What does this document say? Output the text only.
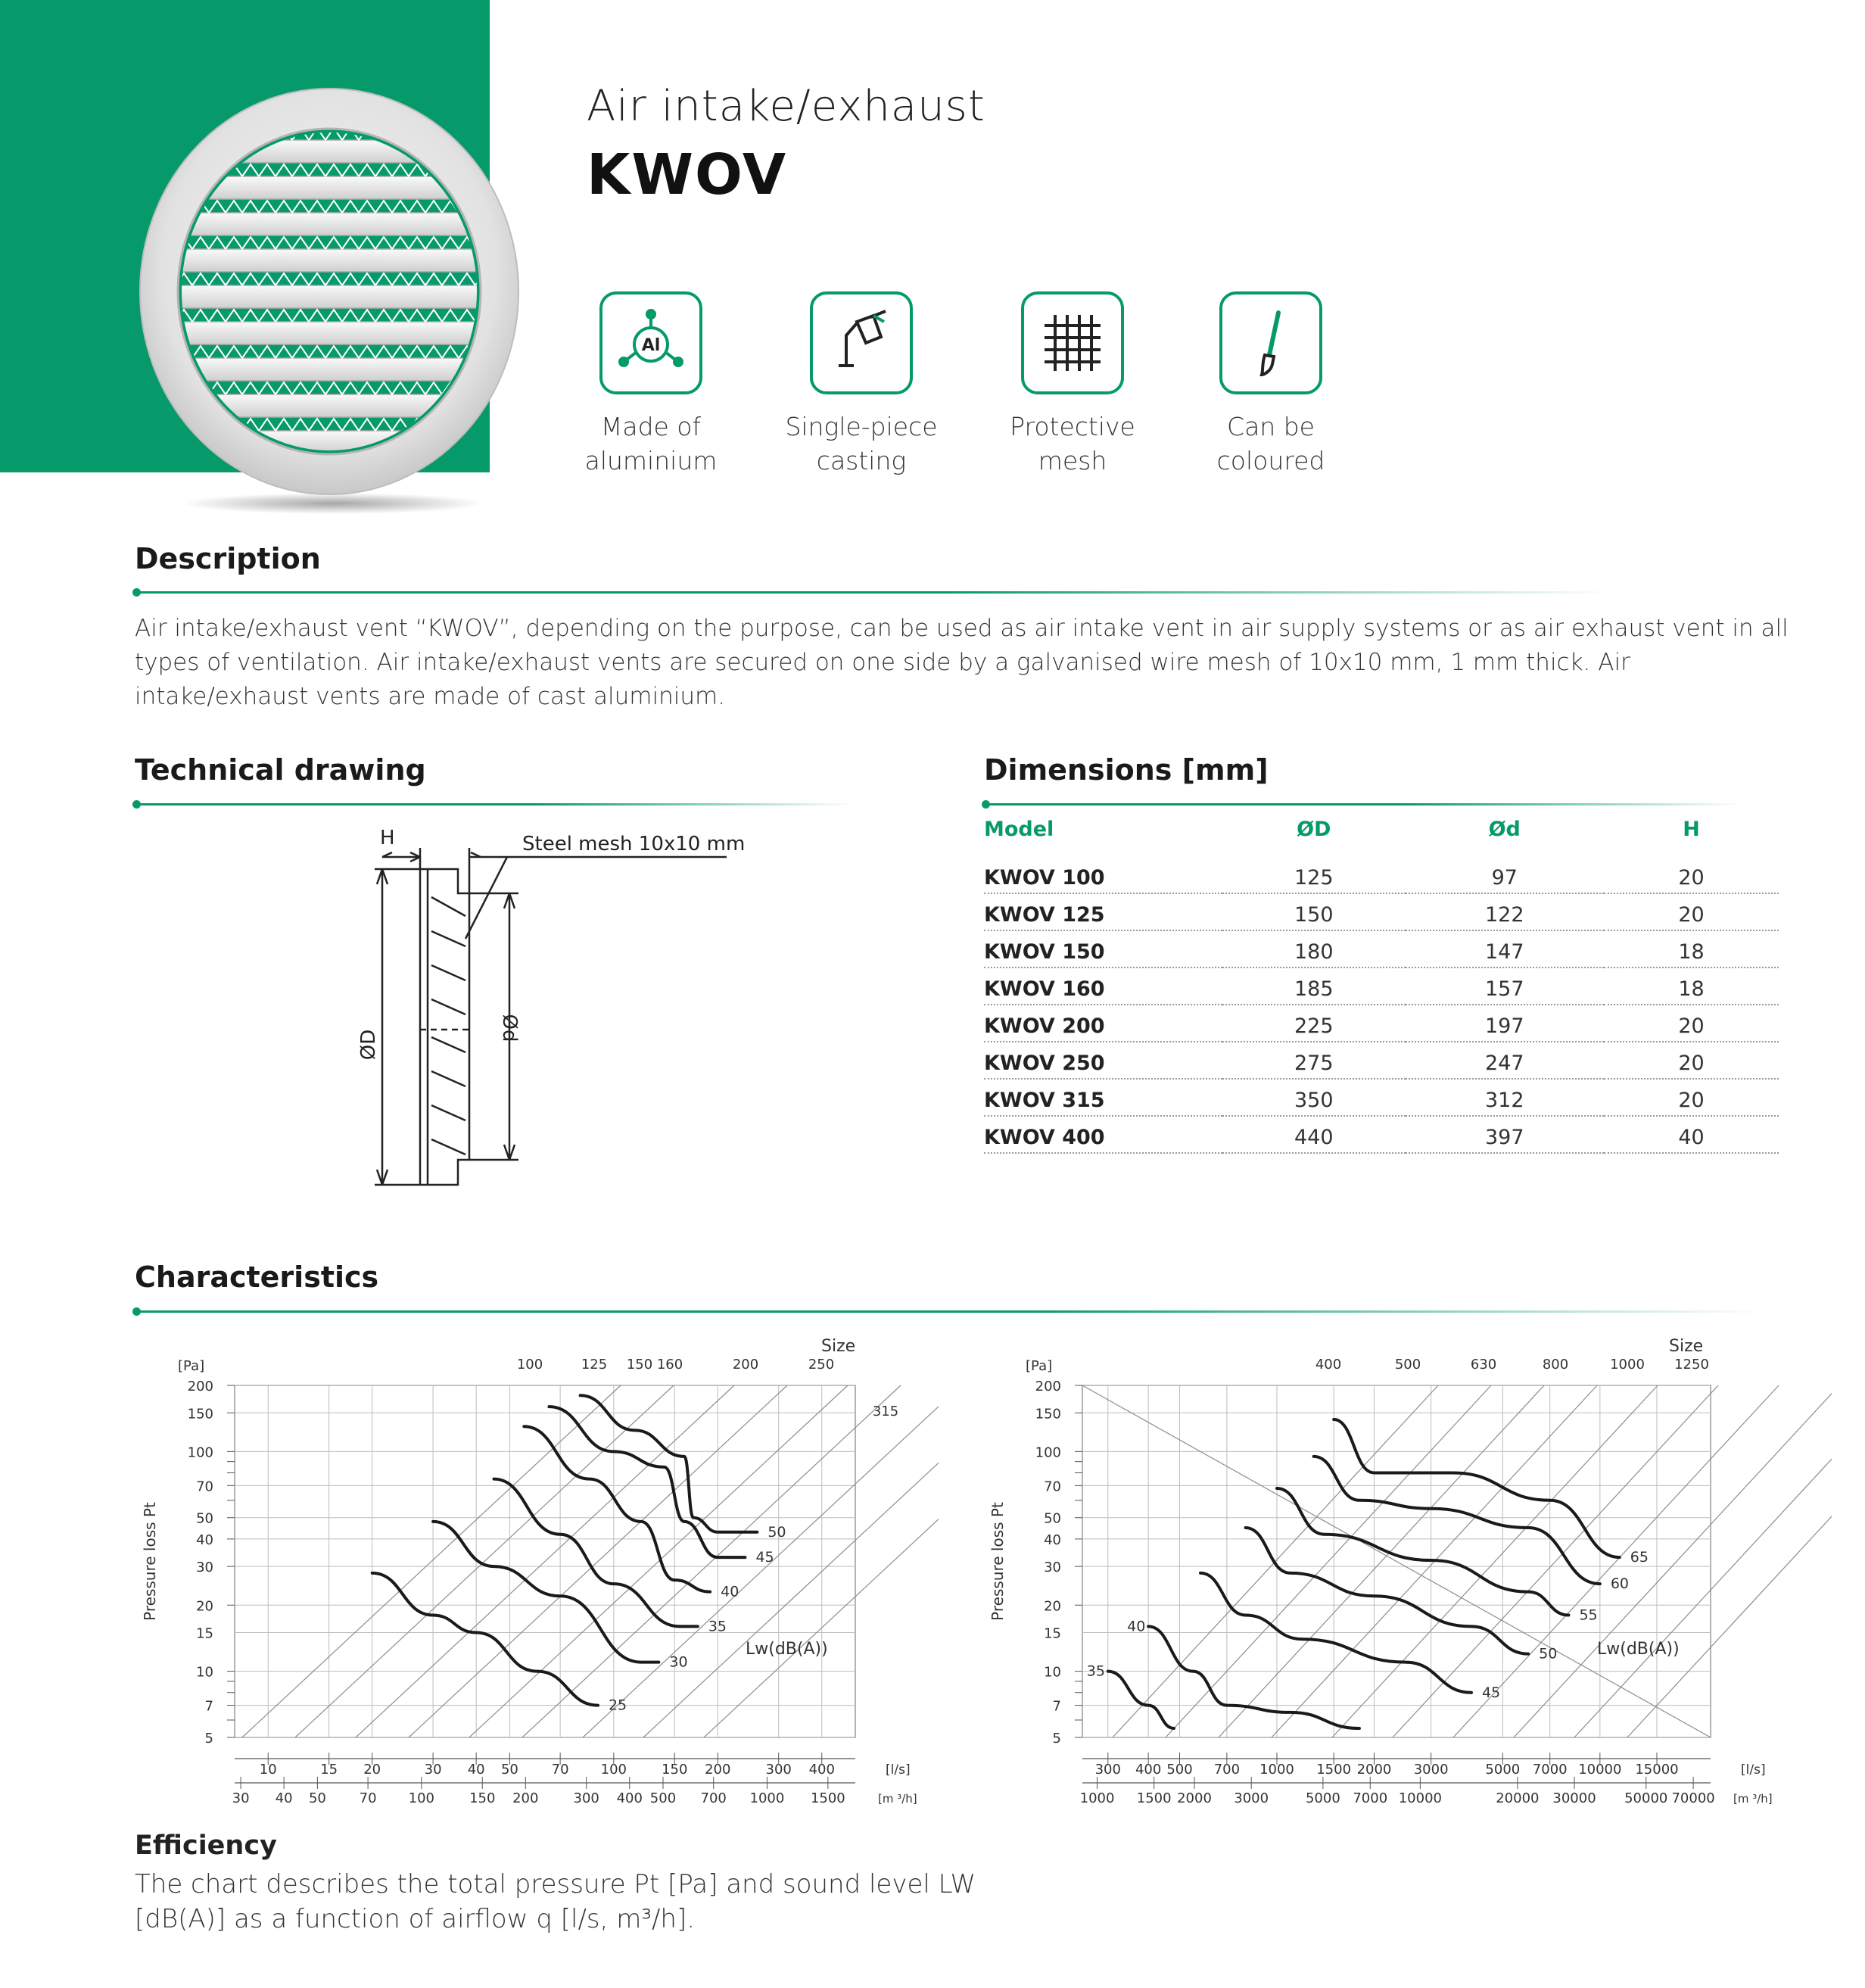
Air intake/exhaust
KWOV
Al
Made of
aluminium
Single-piece
casting
Protective
mesh
Can be
coloured
Description
Air intake/exhaust vent “KWOV”, depending on the purpose, can be used as air intake vent in air supply systems or as air exhaust vent in all types of ventilation. Air intake/exhaust vents are secured on one side by a galvanised wire mesh of 10x10 mm, 1 mm thick. Air intake/exhaust vents are made of cast aluminium.
Technical drawing
H	Steel mesh 10x10 mm
ØD
Ød
Dimensions [mm]
Model	ØD	Ød	H
KWOV 100	125	97	20
KWOV 125	150	122	20
KWOV 150	180	147	18
KWOV 160	185	157	18
KWOV 200	225	197	20
KWOV 250	275	247	20
KWOV 315	350	312	20
KWOV 400	440	397	40
Characteristics
200
150
100
70
50
40
30
20
15
10
7
5
[Pa]
Pressure loss Pt
10	15 20	30 40 50 70 100	150 200	300 400	[l/s]
30 40 50 70 100	150 200	300 400 500 700 1000 1500	[m ³/h]
Size
100	125 150 160	200	250
315
Lw(dB(A))
25
30
35
40
45
50
200
150
100
70
50
40
30
20
15
10
7
5
[Pa]
Pressure loss Pt
300 400 500 700 1000 1500 2000 3000	5000 7000 10000 15000	[l/s]
1000 1500 2000 3000	5000 7000 10000	20000 30000 50000 70000 [m ³/h]
Size
400	500	630	800	1000 1250
Lw(dB(A))
35
40
45
50
55
60
65
Efficiency
The chart describes the total pressure Pt [Pa] and sound level LW [dB(A)] as a function of airflow q [l/s, m³/h].
